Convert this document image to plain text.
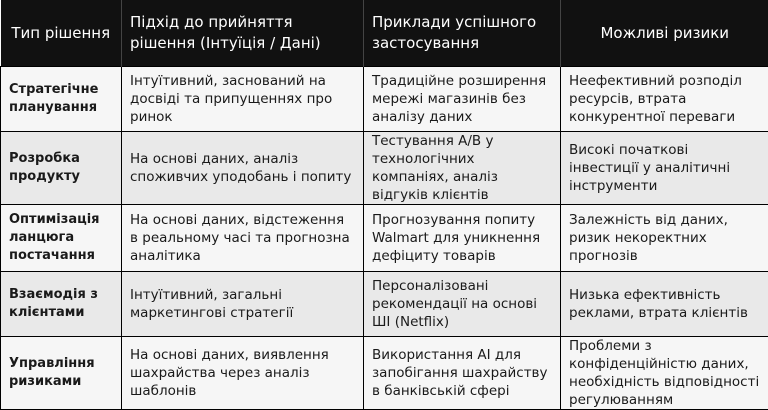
Тип рішення	Підхід до прийняття рішення (Інтуїція / Дані)	Приклади успішного застосування	Можливі ризики
Стратегічне планування	Інтуїтивний, заснований на досвіді та припущеннях про ринок	Традиційне розширення мережі магазинів без аналізу даних	Неефективний розподіл ресурсів, втрата конкурентної переваги
Розробка продукту	На основі даних, аналіз споживчих уподобань і попиту	Тестування A/B у технологічних компаніях, аналіз відгуків клієнтів	Високі початкові інвестиції у аналітичні інструменти
Оптимізація ланцюга постачання	На основі даних, відстеження в реальному часі та прогнозна аналітика	Прогнозування попиту Walmart для уникнення дефіциту товарів	Залежність від даних, ризик некоректних прогнозів
Взаємодія з клієнтами	Інтуїтивний, загальні маркетингові стратегії	Персоналізовані рекомендації на основі ШІ (Netflix)	Низька ефективність реклами, втрата клієнтів
Управління ризиками	На основі даних, виявлення шахрайства через аналіз шаблонів	Використання AI для запобігання шахрайству в банківській сфері	Проблеми з конфіденційністю даних, необхідність відповідності регулюванням
